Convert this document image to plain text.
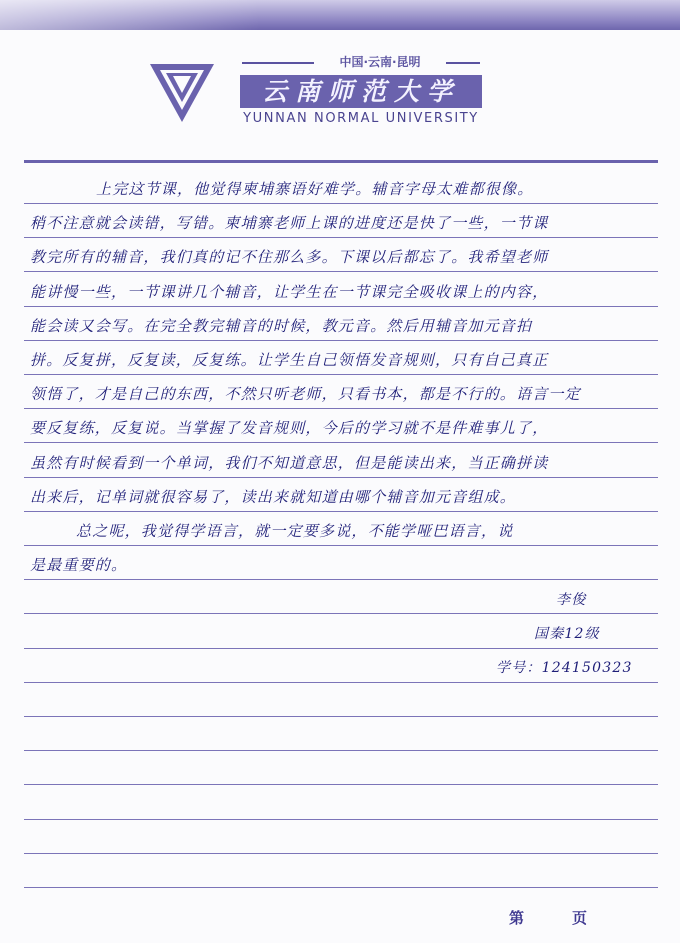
中国·云南·昆明
云南师范大学
YUNNAN NORMAL UNIVERSITY
上完这节课，他觉得柬埔寨语好难学。辅音字母太难都很像。
稍不注意就会读错，写错。柬埔寨老师上课的进度还是快了一些，一节课
教完所有的辅音，我们真的记不住那么多。下课以后都忘了。我希望老师
能讲慢一些，一节课讲几个辅音，让学生在一节课完全吸收课上的内容，
能会读又会写。在完全教完辅音的时候，教元音。然后用辅音加元音拍
拼。反复拼，反复读，反复练。让学生自己领悟发音规则，只有自己真正
领悟了，才是自己的东西，不然只听老师，只看书本，都是不行的。语言一定
要反复练，反复说。当掌握了发音规则，今后的学习就不是件难事儿了，
虽然有时候看到一个单词，我们不知道意思，但是能读出来，当正确拼读
出来后，记单词就很容易了，读出来就知道由哪个辅音加元音组成。
总之呢，我觉得学语言，就一定要多说，不能学哑巴语言，说
是最重要的。
李俊
国秦12级
学号：124150323
第	页
